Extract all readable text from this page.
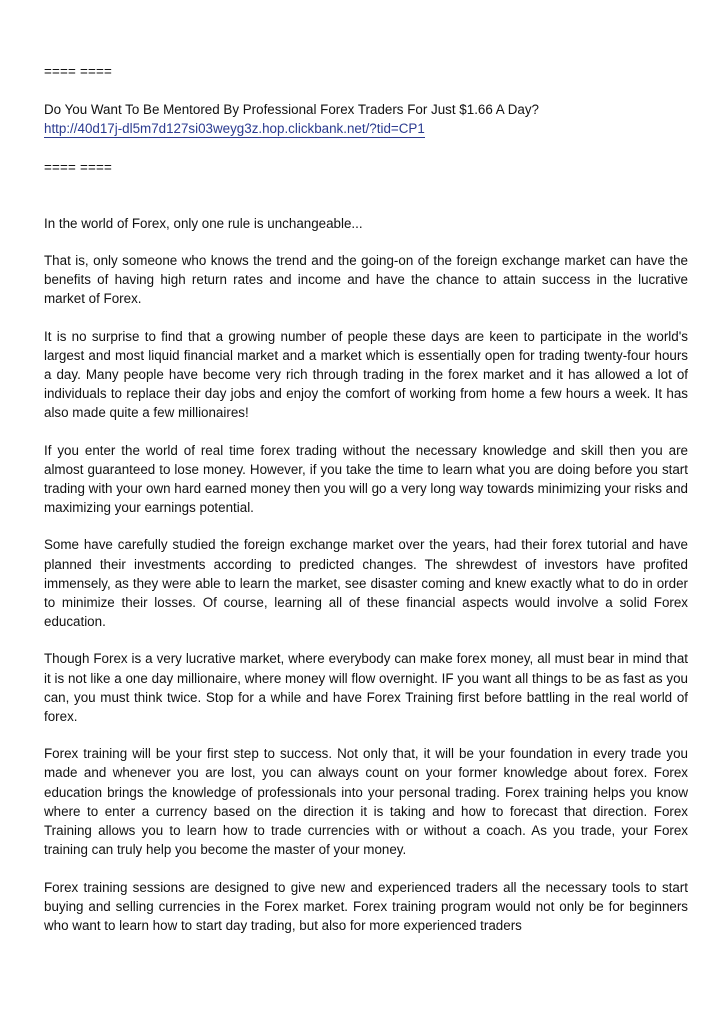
==== ====

Do You Want To Be Mentored By Professional Forex Traders For Just $1.66 A Day?

http://40d17j-dl5m7d127si03weyg3z.hop.clickbank.net/?tid=CP1

==== ====

In the world of Forex, only one rule is unchangeable...

That is, only someone who knows the trend and the going-on of the foreign exchange market can have the benefits of having high return rates and income and have the chance to attain success in the lucrative market of Forex.

It is no surprise to find that a growing number of people these days are keen to participate in the world's largest and most liquid financial market and a market which is essentially open for trading twenty-four hours a day. Many people have become very rich through trading in the forex market and it has allowed a lot of individuals to replace their day jobs and enjoy the comfort of working from home a few hours a week. It has also made quite a few millionaires!

If you enter the world of real time forex trading without the necessary knowledge and skill then you are almost guaranteed to lose money. However, if you take the time to learn what you are doing before you start trading with your own hard earned money then you will go a very long way towards minimizing your risks and maximizing your earnings potential.

Some have carefully studied the foreign exchange market over the years, had their forex tutorial and have planned their investments according to predicted changes. The shrewdest of investors have profited immensely, as they were able to learn the market, see disaster coming and knew exactly what to do in order to minimize their losses. Of course, learning all of these financial aspects would involve a solid Forex education.

Though Forex is a very lucrative market, where everybody can make forex money, all must bear in mind that it is not like a one day millionaire, where money will flow overnight. IF you want all things to be as fast as you can, you must think twice. Stop for a while and have Forex Training first before battling in the real world of forex.

Forex training will be your first step to success. Not only that, it will be your foundation in every trade you made and whenever you are lost, you can always count on your former knowledge about forex. Forex education brings the knowledge of professionals into your personal trading. Forex training helps you know where to enter a currency based on the direction it is taking and how to forecast that direction. Forex Training allows you to learn how to trade currencies with or without a coach. As you trade, your Forex training can truly help you become the master of your money.

Forex training sessions are designed to give new and experienced traders all the necessary tools to start buying and selling currencies in the Forex market. Forex training program would not only be for beginners who want to learn how to start day trading, but also for more experienced traders
